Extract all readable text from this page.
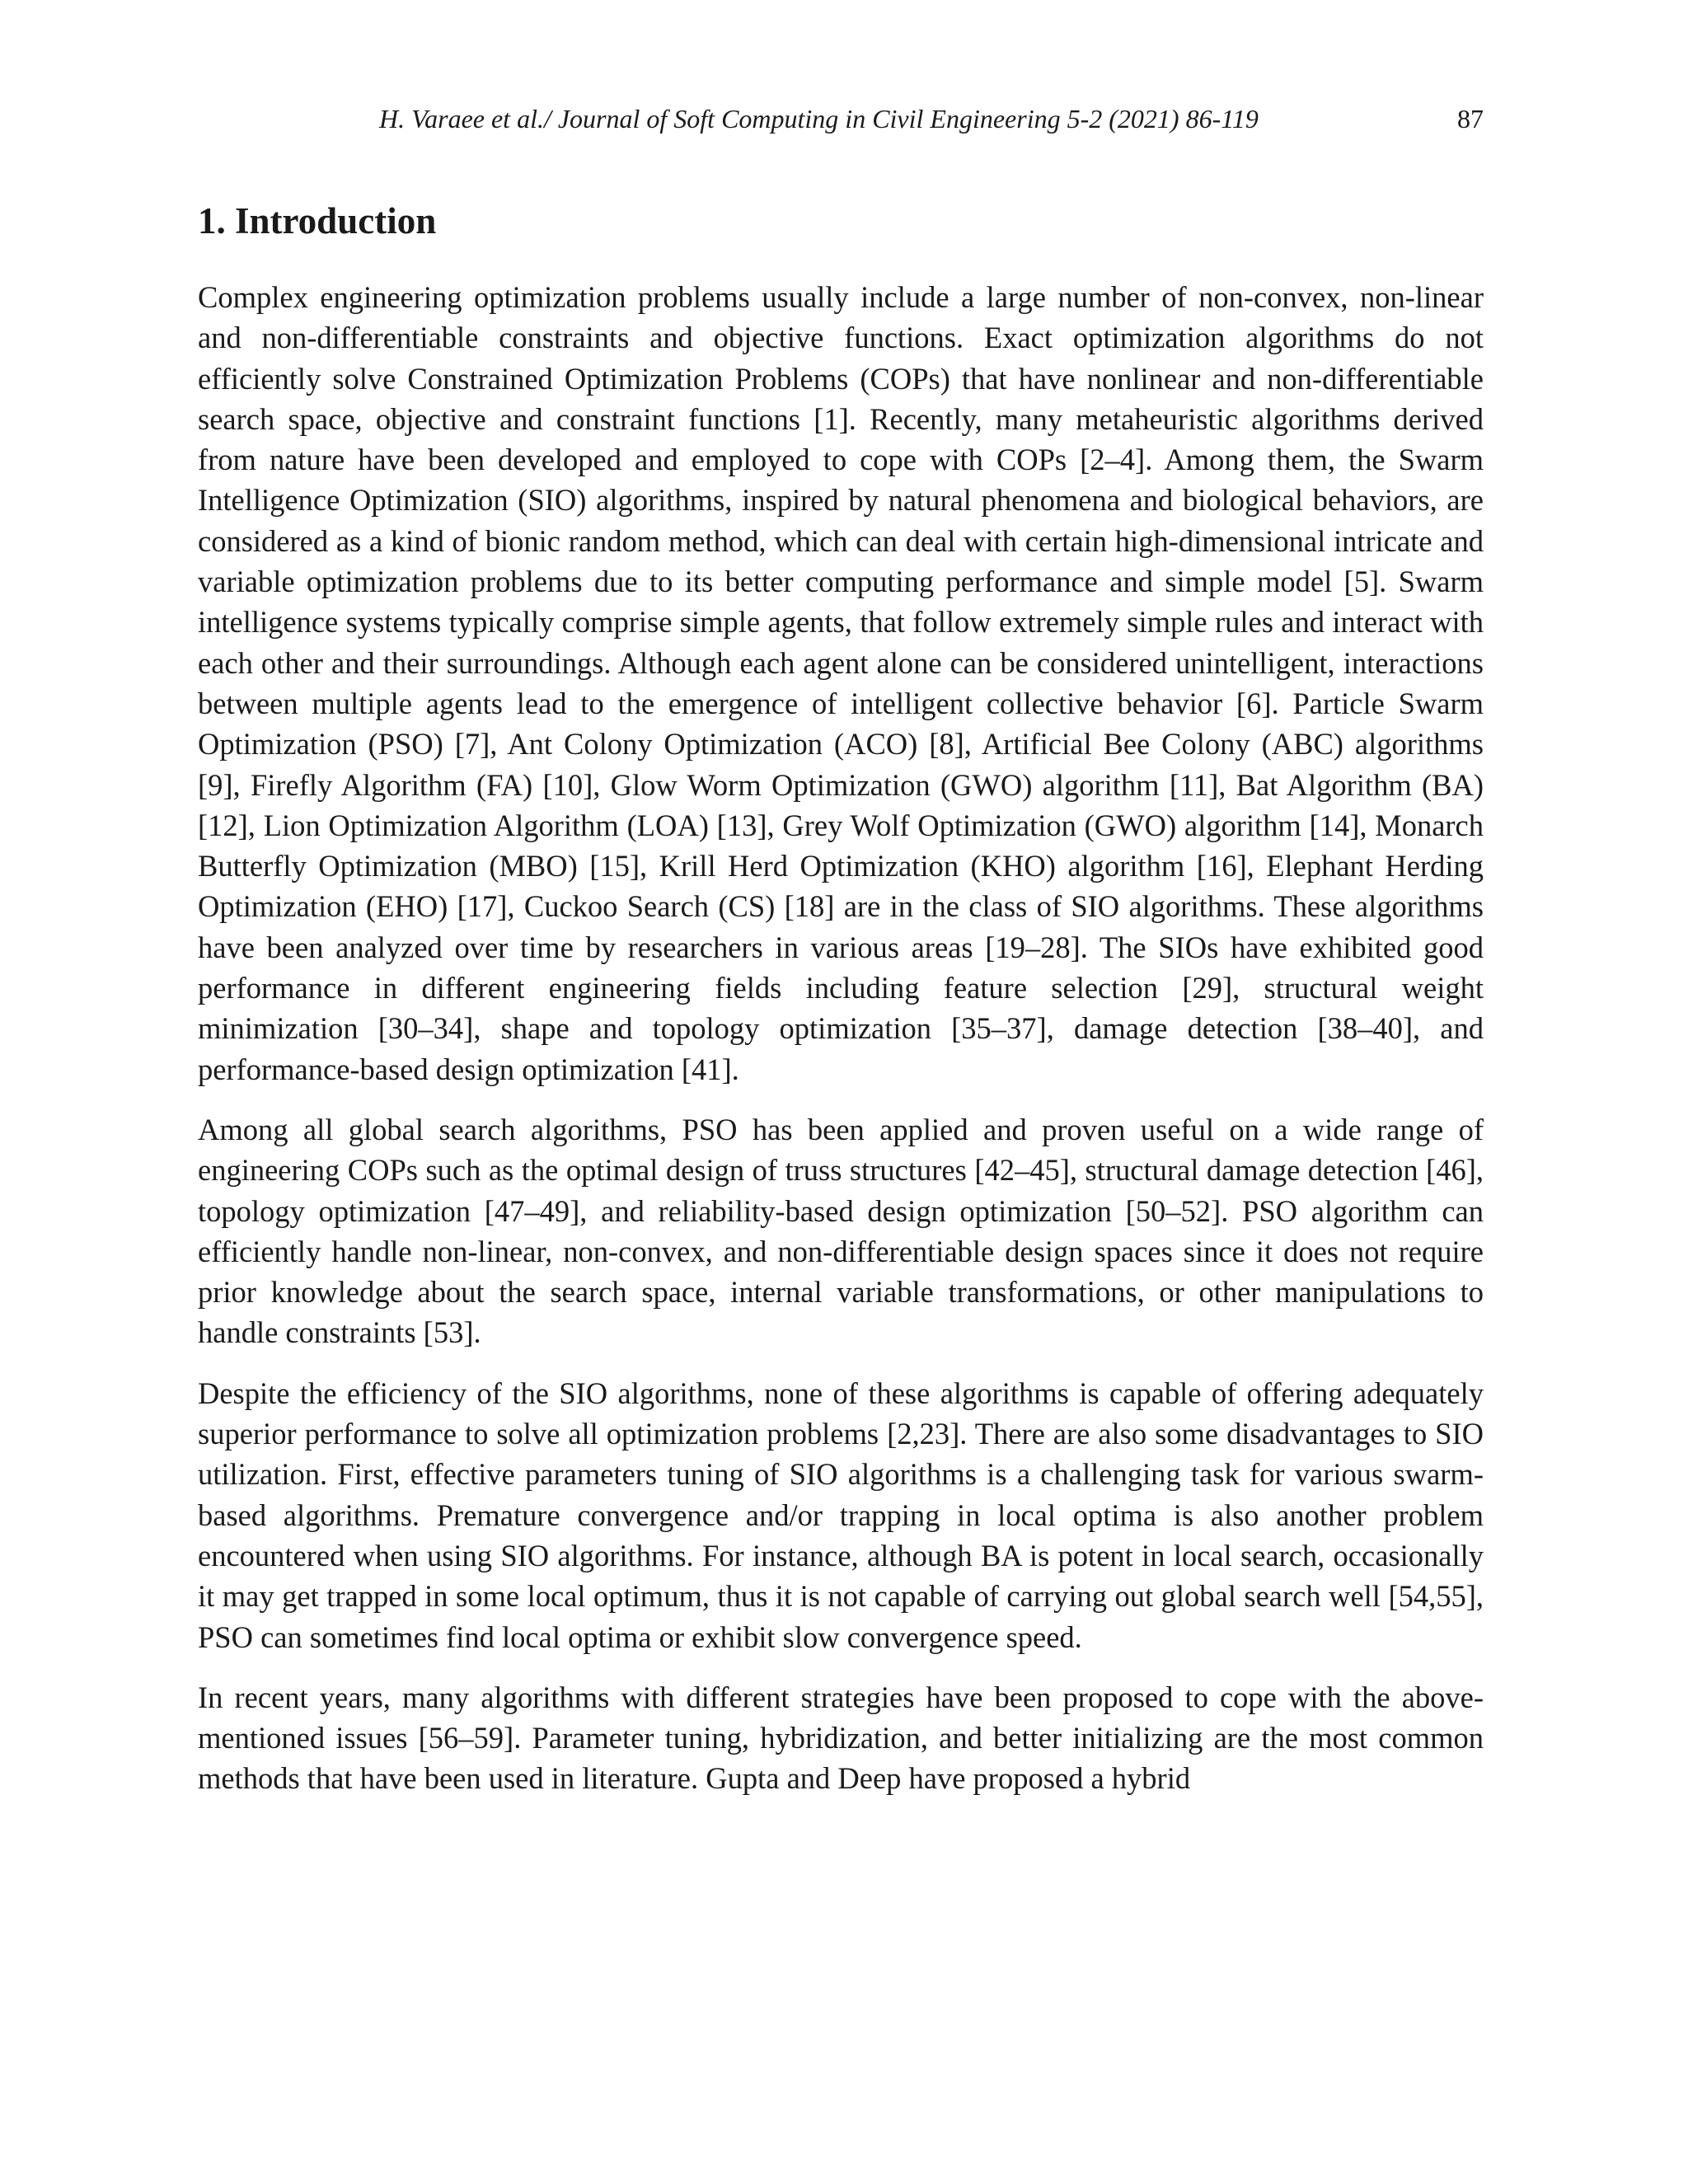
H. Varaee et al./ Journal of Soft Computing in Civil Engineering 5-2 (2021) 86-119	87
1. Introduction

Complex engineering optimization problems usually include a large number of non-convex, non-linear and non-differentiable constraints and objective functions. Exact optimization algorithms do not efficiently solve Constrained Optimization Problems (COPs) that have nonlinear and non-differentiable search space, objective and constraint functions [1]. Recently, many metaheuristic algorithms derived from nature have been developed and employed to cope with COPs [2–4]. Among them, the Swarm Intelligence Optimization (SIO) algorithms, inspired by natural phenomena and biological behaviors, are considered as a kind of bionic random method, which can deal with certain high-dimensional intricate and variable optimization problems due to its better computing performance and simple model [5]. Swarm intelligence systems typically comprise simple agents, that follow extremely simple rules and interact with each other and their surroundings. Although each agent alone can be considered unintelligent, interactions between multiple agents lead to the emergence of intelligent collective behavior [6]. Particle Swarm Optimization (PSO) [7], Ant Colony Optimization (ACO) [8], Artificial Bee Colony (ABC) algorithms [9], Firefly Algorithm (FA) [10], Glow Worm Optimization (GWO) algorithm [11], Bat Algorithm (BA) [12], Lion Optimization Algorithm (LOA) [13], Grey Wolf Optimization (GWO) algorithm [14], Monarch Butterfly Optimization (MBO) [15], Krill Herd Optimization (KHO) algorithm [16], Elephant Herding Optimization (EHO) [17], Cuckoo Search (CS) [18] are in the class of SIO algorithms. These algorithms have been analyzed over time by researchers in various areas [19–28]. The SIOs have exhibited good performance in different engineering fields including feature selection [29], structural weight minimization [30–34], shape and topology optimization [35–37], damage detection [38–40], and performance-based design optimization [41].

Among all global search algorithms, PSO has been applied and proven useful on a wide range of engineering COPs such as the optimal design of truss structures [42–45], structural damage detection [46], topology optimization [47–49], and reliability-based design optimization [50–52]. PSO algorithm can efficiently handle non-linear, non-convex, and non-differentiable design spaces since it does not require prior knowledge about the search space, internal variable transformations, or other manipulations to handle constraints [53].

Despite the efficiency of the SIO algorithms, none of these algorithms is capable of offering adequately superior performance to solve all optimization problems [2,23]. There are also some disadvantages to SIO utilization. First, effective parameters tuning of SIO algorithms is a challenging task for various swarm-based algorithms. Premature convergence and/or trapping in local optima is also another problem encountered when using SIO algorithms. For instance, although BA is potent in local search, occasionally it may get trapped in some local optimum, thus it is not capable of carrying out global search well [54,55], PSO can sometimes find local optima or exhibit slow convergence speed.

In recent years, many algorithms with different strategies have been proposed to cope with the above-mentioned issues [56–59]. Parameter tuning, hybridization, and better initializing are the most common methods that have been used in literature. Gupta and Deep have proposed a hybrid
